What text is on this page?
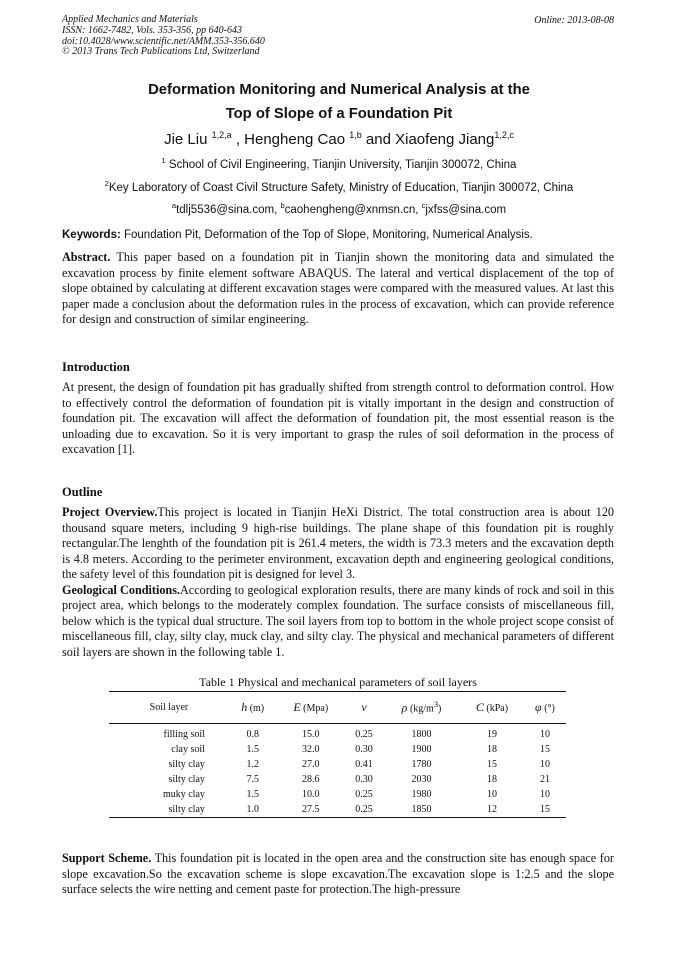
Applied Mechanics and Materials
ISSN: 1662-7482, Vols. 353-356, pp 640-643
doi:10.4028/www.scientific.net/AMM.353-356.640
© 2013 Trans Tech Publications Ltd, Switzerland
Online: 2013-08-08
Deformation Monitoring and Numerical Analysis at the
Top of Slope of a Foundation Pit
Jie Liu $^{1,2,a}$ , Hengheng Cao $^{1,b}$ and Xiaofeng Jiang$^{1,2,c}$
$^1$ School of Civil Engineering, Tianjin University, Tianjin 300072, China
$^2$Key Laboratory of Coast Civil Structure Safety, Ministry of Education, Tianjin 300072, China
$^a$tdlj5536@sina.com, $^b$caohengheng@xnmsn.cn, $^c$jxfss@sina.com
Keywords: Foundation Pit, Deformation of the Top of Slope, Monitoring, Numerical Analysis.
Abstract. This paper based on a foundation pit in Tianjin shown the monitoring data and simulated the excavation process by finite element software ABAQUS. The lateral and vertical displacement of the top of slope obtained by calculating at different excavation stages were compared with the measured values. At last this paper made a conclusion about the deformation rules in the process of excavation, which can provide reference for design and construction of similar engineering.
Introduction
At present, the design of foundation pit has gradually shifted from strength control to deformation control. How to effectively control the deformation of foundation pit is vitally important in the design and construction of foundation pit. The excavation will affect the deformation of foundation pit, the most essential reason is the unloading due to excavation. So it is very important to grasp the rules of soil deformation in the process of excavation [1].
Outline
Project Overview.This project is located in Tianjin HeXi District. The total construction area is about 120 thousand square meters, including 9 high-rise buildings. The plane shape of this foundation pit is roughly rectangular.The lenghth of the foundation pit is 261.4 meters, the width is 73.3 meters and the excavation depth is 4.8 meters. According to the perimeter environment, excavation depth and engineering geological conditions, the safety level of this foundation pit is designed for level 3.
Geological Conditions.According to geological exploration results, there are many kinds of rock and soil in this project area, which belongs to the moderately complex foundation. The surface consists of miscellaneous fill, below which is the typical dual structure. The soil layers from top to bottom in the whole project scope consist of miscellaneous fill, clay, silty clay, muck clay, and silty clay. The physical and mechanical parameters of different soil layers are shown in the following table 1.
Table 1 Physical and mechanical parameters of soil layers
Soil layer	h (m)	E (Mpa)	v	ρ $(kg/m^3)$	C (kPa)	φ (°)
filling soil	0.8	15.0	0.25	1800	19	10
clay soil	1.5	32.0	0.30	1900	18	15
silty clay	1.2	27.0	0.41	1780	15	10
silty clay	7.5	28.6	0.30	2030	18	21
muky clay	1.5	10.0	0.25	1980	10	10
silty clay	1.0	27.5	0.25	1850	12	15
Support Scheme. This foundation pit is located in the open area and the construction site has enough space for slope excavation.So the excavation scheme is slope excavation.The excavation slope is 1:2.5 and the slope surface selects the wire netting and cement paste for protection.The high-pressure
